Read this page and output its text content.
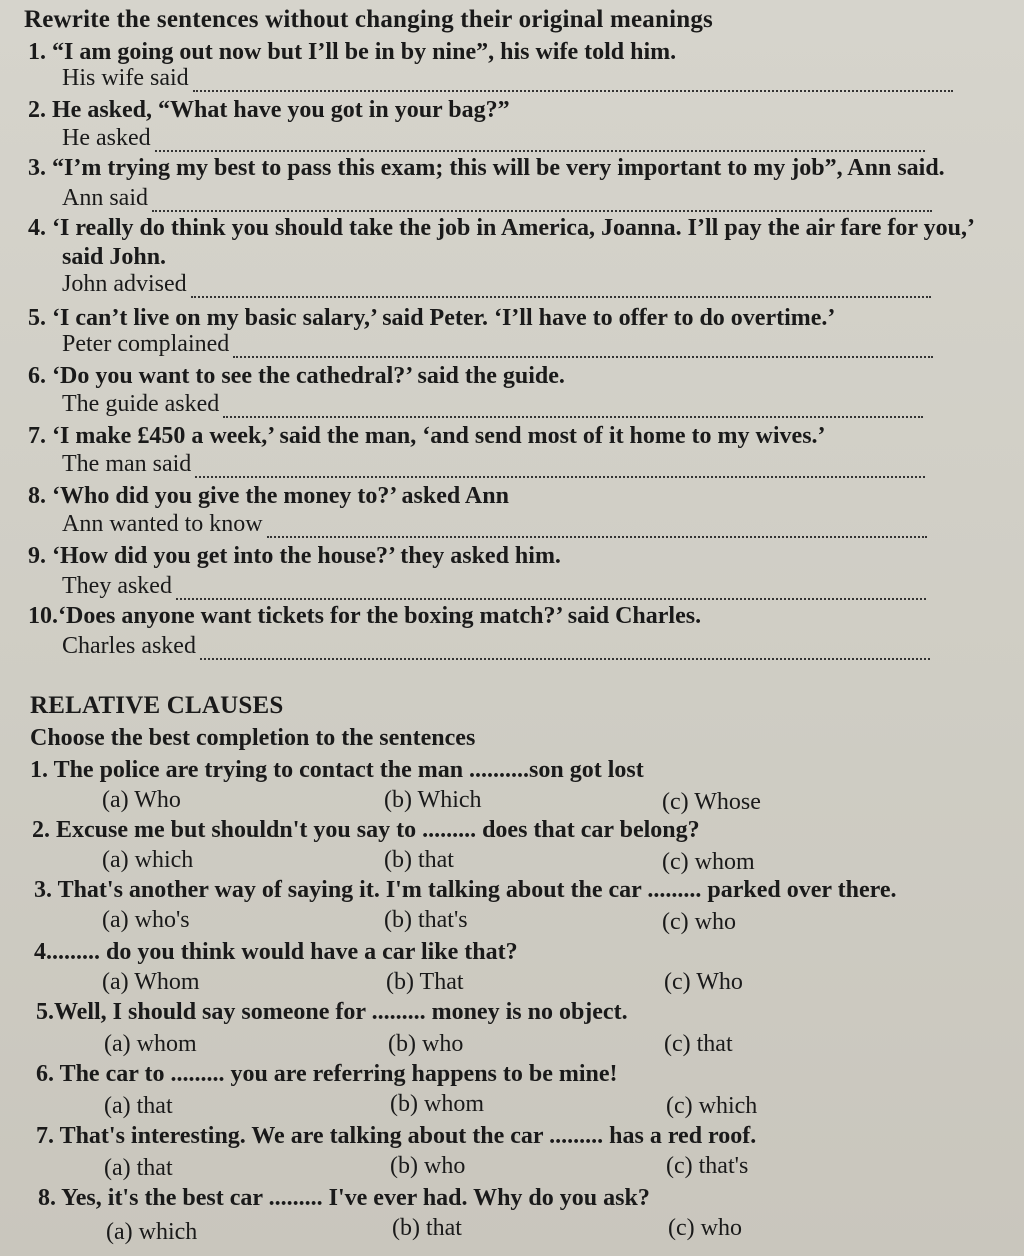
Rewrite the sentences without changing their original meanings
1. “I am going out now but I’ll be in by nine”, his wife told him.
His wife said
2. He asked, “What have you got in your bag?”
He asked
3. “I’m trying my best to pass this exam; this will be very important to my job”, Ann said.
Ann said
4. ‘I really do think you should take the job in America, Joanna. I’ll pay the air fare for you,’
said John.
John advised
5. ‘I can’t live on my basic salary,’ said Peter. ‘I’ll have to offer to do overtime.’
Peter complained
6. ‘Do you want to see the cathedral?’ said the guide.
The guide asked
7. ‘I make £450 a week,’ said the man, ‘and send most of it home to my wives.’
The man said
8. ‘Who did you give the money to?’ asked Ann
Ann wanted to know
9. ‘How did you get into the house?’ they asked him.
They asked
10.‘Does anyone want tickets for the boxing match?’ said Charles.
Charles asked
RELATIVE CLAUSES
Choose the best completion to the sentences
1. The police are trying to contact the man ..........son got lost
(a) Who	(b) Which	(c) Whose
2. Excuse me but shouldn't you say to ......... does that car belong?
(a) which	(b) that	(c) whom
3. That's another way of saying it. I'm talking about the car ......... parked over there.
(a) who's	(b) that's	(c) who
4......... do you think would have a car like that?
(a) Whom	(b) That	(c) Who
5.Well, I should say someone for ......... money is no object.
(a) whom	(b) who	(c) that
6. The car to ......... you are referring happens to be mine!
(a) that	(b) whom	(c) which
7. That's interesting. We are talking about the car ......... has a red roof.
(a) that	(b) who	(c) that's
8. Yes, it's the best car ......... I've ever had. Why do you ask?
(a) which	(b) that	(c) who
